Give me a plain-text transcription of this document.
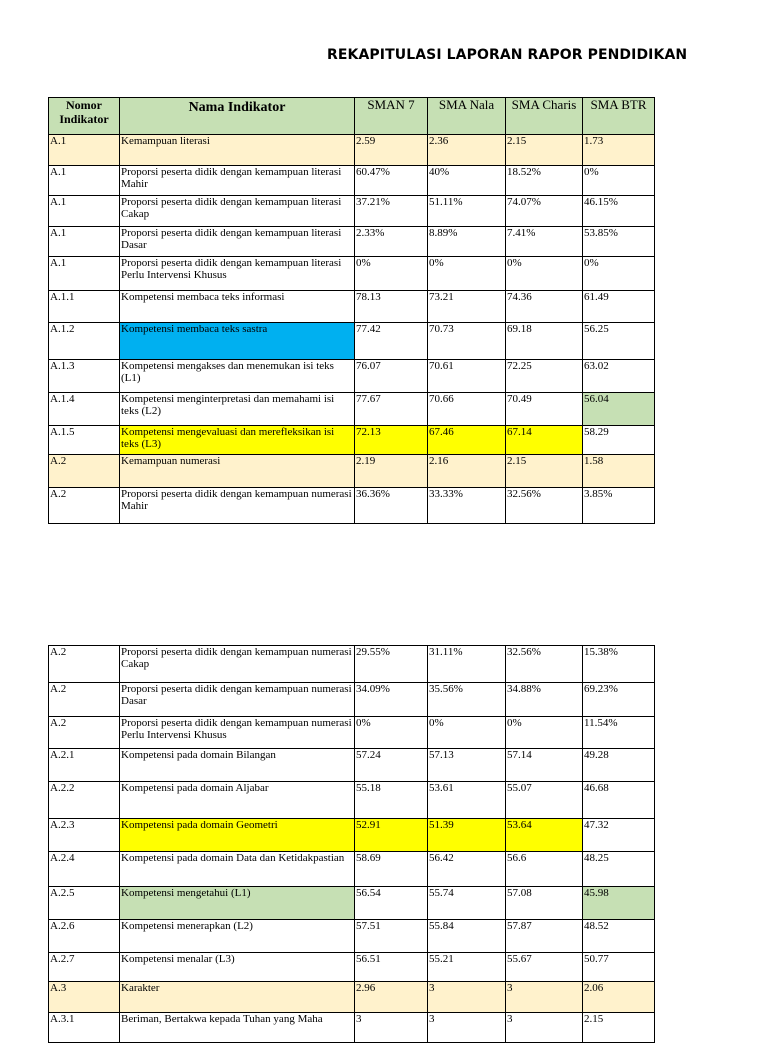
REKAPITULASI LAPORAN RAPOR PENDIDIKAN
Nomor Indikator	Nama Indikator	SMAN 7	SMA Nala	SMA Charis	SMA BTR
A.1	Kemampuan literasi	2.59	2.36	2.15	1.73
A.1	Proporsi peserta didik dengan kemampuan literasi Mahir	60.47%	40%	18.52%	0%
A.1	Proporsi peserta didik dengan kemampuan literasi Cakap	37.21%	51.11%	74.07%	46.15%
A.1	Proporsi peserta didik dengan kemampuan literasi Dasar	2.33%	8.89%	7.41%	53.85%
A.1	Proporsi peserta didik dengan kemampuan literasi Perlu Intervensi Khusus	0%	0%	0%	0%
A.1.1	Kompetensi membaca teks informasi	78.13	73.21	74.36	61.49
A.1.2	Kompetensi membaca teks sastra	77.42	70.73	69.18	56.25
A.1.3	Kompetensi mengakses dan menemukan isi teks (L1)	76.07	70.61	72.25	63.02
A.1.4	Kompetensi menginterpretasi dan memahami isi teks (L2)	77.67	70.66	70.49	56.04
A.1.5	Kompetensi mengevaluasi dan merefleksikan isi teks (L3)	72.13	67.46	67.14	58.29
A.2	Kemampuan numerasi	2.19	2.16	2.15	1.58
A.2	Proporsi peserta didik dengan kemampuan numerasi Mahir	36.36%	33.33%	32.56%	3.85%
A.2	Proporsi peserta didik dengan kemampuan numerasi Cakap	29.55%	31.11%	32.56%	15.38%
A.2	Proporsi peserta didik dengan kemampuan numerasi Dasar	34.09%	35.56%	34.88%	69.23%
A.2	Proporsi peserta didik dengan kemampuan numerasi Perlu Intervensi Khusus	0%	0%	0%	11.54%
A.2.1	Kompetensi pada domain Bilangan	57.24	57.13	57.14	49.28
A.2.2	Kompetensi pada domain Aljabar	55.18	53.61	55.07	46.68
A.2.3	Kompetensi pada domain Geometri	52.91	51.39	53.64	47.32
A.2.4	Kompetensi pada domain Data dan Ketidakpastian	58.69	56.42	56.6	48.25
A.2.5	Kompetensi mengetahui (L1)	56.54	55.74	57.08	45.98
A.2.6	Kompetensi menerapkan (L2)	57.51	55.84	57.87	48.52
A.2.7	Kompetensi menalar (L3)	56.51	55.21	55.67	50.77
A.3	Karakter	2.96	3	3	2.06
A.3.1	Beriman, Bertakwa kepada Tuhan yang Maha	3	3	3	2.15
